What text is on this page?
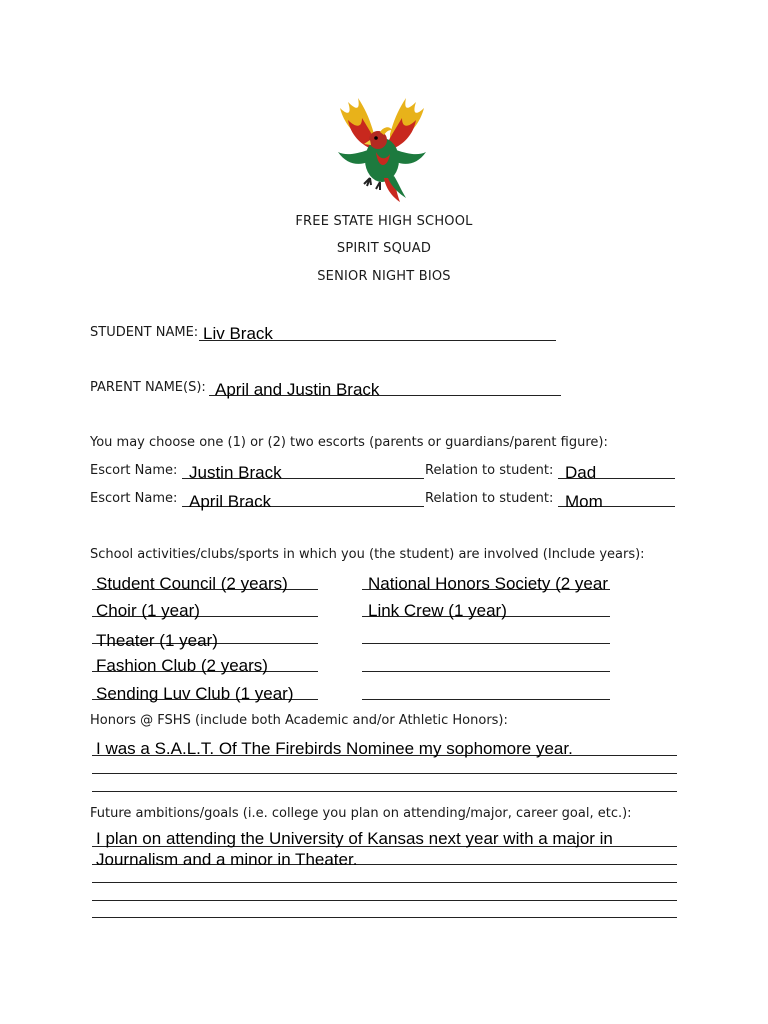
FREE STATE HIGH SCHOOL
SPIRIT SQUAD
SENIOR NIGHT BIOS
STUDENT NAME: Liv Brack
PARENT NAME(S): April and Justin Brack
You may choose one (1) or (2) two escorts (parents or guardians/parent figure):
Escort Name: Justin Brack	Relation to student: Dad
Escort Name: April Brack	Relation to student: Mom
School activities/clubs/sports in which you (the student) are involved (Include years):
Student Council (2 years)	National Honors Society (2 year
Choir (1 year)	Link Crew (1 year)
Theater (1 year)
Fashion Club (2 years)
Sending Luv Club (1 year)
Honors @ FSHS (include both Academic and/or Athletic Honors):
I was a S.A.L.T. Of The Firebirds Nominee my sophomore year.
Future ambitions/goals (i.e. college you plan on attending/major, career goal, etc.):
I plan on attending the University of Kansas next year with a major in
Journalism and a minor in Theater.
